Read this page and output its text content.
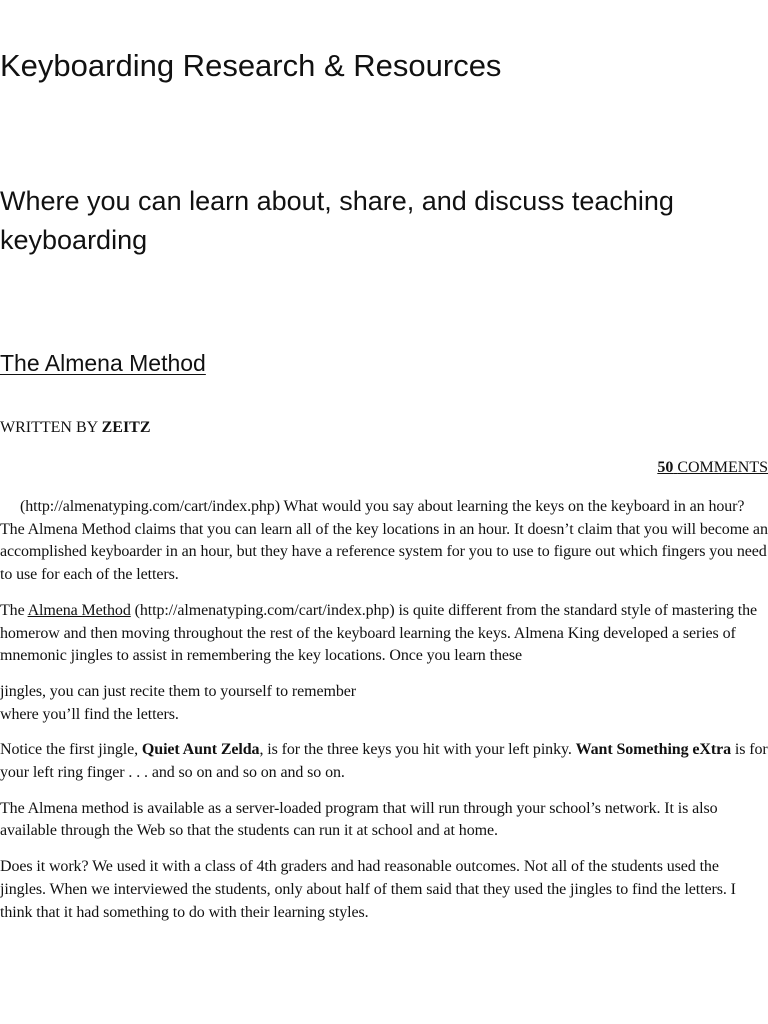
Keyboarding Research & Resources
Where you can learn about, share, and discuss teaching keyboarding
The Almena Method
WRITTEN BY ZEITZ
50 COMMENTS

(http://almenatyping.com/cart/index.php) What would you say about learning the keys on the keyboard in an hour? The Almena Method claims that you can learn all of the key locations in an hour. It doesn’t claim that you will become an accomplished keyboarder in an hour, but they have a reference system for you to use to figure out which fingers you need to use for each of the letters.

The Almena Method (http://almenatyping.com/cart/index.php) is quite different from the standard style of mastering the homerow and then moving throughout the rest of the keyboard learning the keys. Almena King developed a series of mnemonic jingles to assist in remembering the key locations. Once you learn these

jingles, you can just recite them to yourself to remember
where you’ll find the letters.

Notice the first jingle, Quiet Aunt Zelda, is for the three keys you hit with your left pinky. Want Something eXtra is for your left ring finger . . . and so on and so on and so on.

The Almena method is available as a server-loaded program that will run through your school’s network. It is also available through the Web so that the students can run it at school and at home.

Does it work? We used it with a class of 4th graders and had reasonable outcomes. Not all of the students used the jingles. When we interviewed the students, only about half of them said that they used the jingles to find the letters. I think that it had something to do with their learning styles.
